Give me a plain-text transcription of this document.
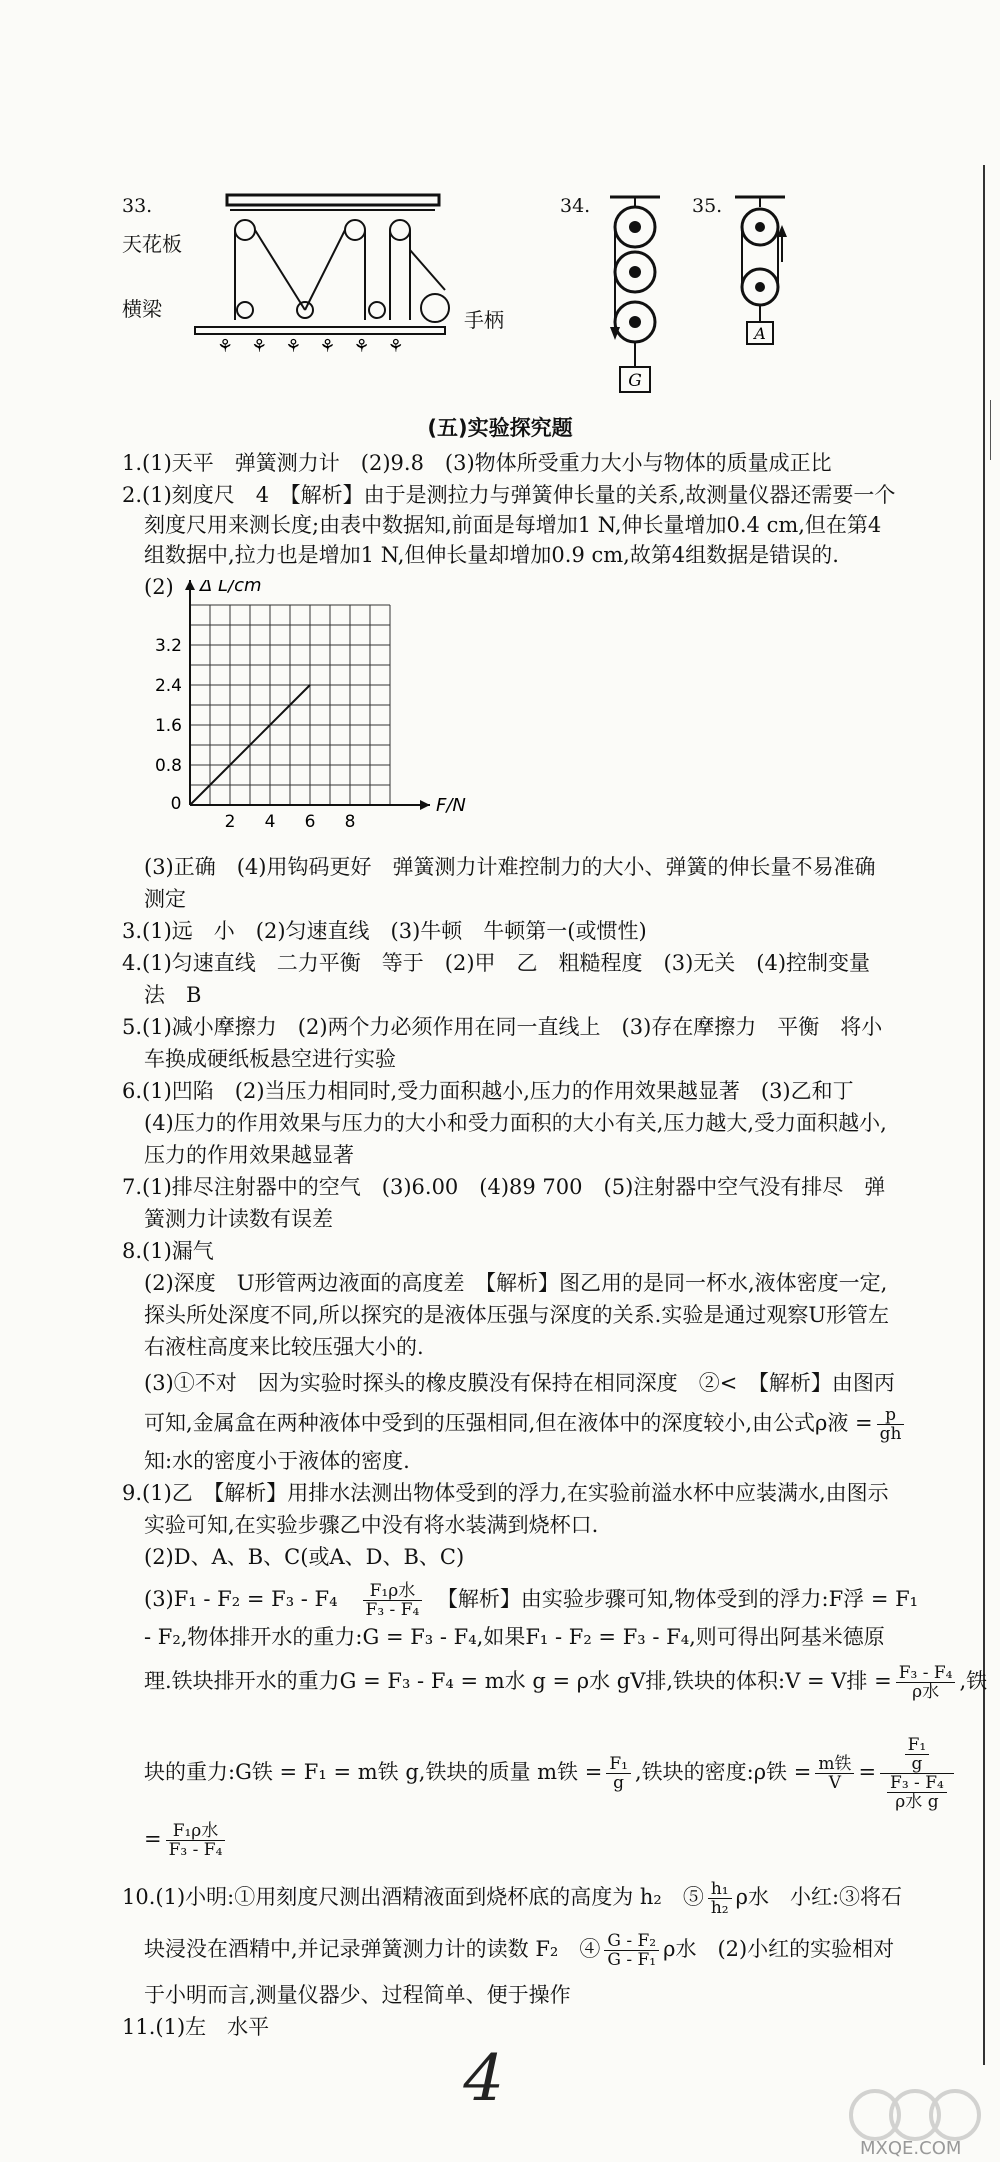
33.
⚘　⚘　⚘　⚘　⚘　⚘
天花板
横梁	手柄
34.
G
35.
A
(五)实验探究题
1.(1)天平　弹簧测力计　(2)9.8　(3)物体所受重力大小与物体的质量成正比
2.(1)刻度尺　4　【解析】由于是测拉力与弹簧伸长量的关系,故测量仪器还需要一个
刻度尺用来测长度;由表中数据知,前面是每增加1 N,伸长量增加0.4 cm,但在第4
组数据中,拉力也是增加1 N,但伸长量却增加0.9 cm,故第4组数据是错误的.
(2)
0
2 4 6 8
0.8
1.6
2.4
3.2
F/N
Δ L/cm
(3)正确　(4)用钩码更好　弹簧测力计难控制力的大小、弹簧的伸长量不易准确
测定
3.(1)远　小　(2)匀速直线　(3)牛顿　牛顿第一(或惯性)
4.(1)匀速直线　二力平衡　等于　(2)甲　乙　粗糙程度　(3)无关　(4)控制变量
法　B
5.(1)减小摩擦力　(2)两个力必须作用在同一直线上　(3)存在摩擦力　平衡　将小
车换成硬纸板悬空进行实验
6.(1)凹陷　(2)当压力相同时,受力面积越小,压力的作用效果越显著　(3)乙和丁
(4)压力的作用效果与压力的大小和受力面积的大小有关,压力越大,受力面积越小,
压力的作用效果越显著
7.(1)排尽注射器中的空气　(3)6.00　(4)89 700　(5)注射器中空气没有排尽　弹
簧测力计读数有误差
8.(1)漏气
(2)深度　U形管两边液面的高度差　【解析】图乙用的是同一杯水,液体密度一定,
探头所处深度不同,所以探究的是液体压强与深度的关系.实验是通过观察U形管左
右液柱高度来比较压强大小的.
(3)①不对　因为实验时探头的橡皮膜没有保持在相同深度　②<　【解析】由图丙
可知,金属盒在两种液体中受到的压强相同,但在液体中的深度较小,由公式ρ液 = $\frac{p}{gh}$
知:水的密度小于液体的密度.
9.(1)乙　【解析】用排水法测出物体受到的浮力,在实验前溢水杯中应装满水,由图示
实验可知,在实验步骤乙中没有将水装满到烧杯口.
(2)D、A、B、C(或A、D、B、C)
(3)F₁ - F₂ = F₃ - F₄　 $\frac{\text{F₁ρ水}}{\text{F₃ - F₄}}$
　 【解析】由实验步骤可知,物体受到的浮力:F浮 = F₁
- F₂,物体排开水的重力:G = F₃ - F₄,如果F₁ - F₂ = F₃ - F₄,则可得出阿基米德原
理.铁块排开水的重力G = F₃ - F₄ = m水 g = ρ水 gV排,铁块的体积:V = V排 = $\frac{\text{F₃ - F₄}}{\text{ρ水}}$ ,铁
块的重力:G铁 = F₁ = m铁 g,铁块的质量 m铁 = $\frac{\text{F₁}}{g}$ ,铁块的密度:ρ铁 = $\frac{\text{m铁}}{V} = \frac{\frac{\text{F₁}}{g}}{\frac{\text{F₃ - F₄}}{\text{ρ水 g}}}$
= $\frac{\text{F₁ρ水}}{\text{F₃ - F₄}}$
10.(1)小明:①用刻度尺测出酒精液面到烧杯底的高度为 h₂　⑤ $\frac{\text{h₁}}{\text{h₂}}$ ρ水　小红:③将石
块浸没在酒精中,并记录弹簧测力计的读数 F₂　④ $\frac{\text{G - F₂}}{\text{G - F₁}}$ ρ水　(2)小红的实验相对
于小明而言,测量仪器少、过程简单、便于操作
11.(1)左　水平
4
MXQE.COM
